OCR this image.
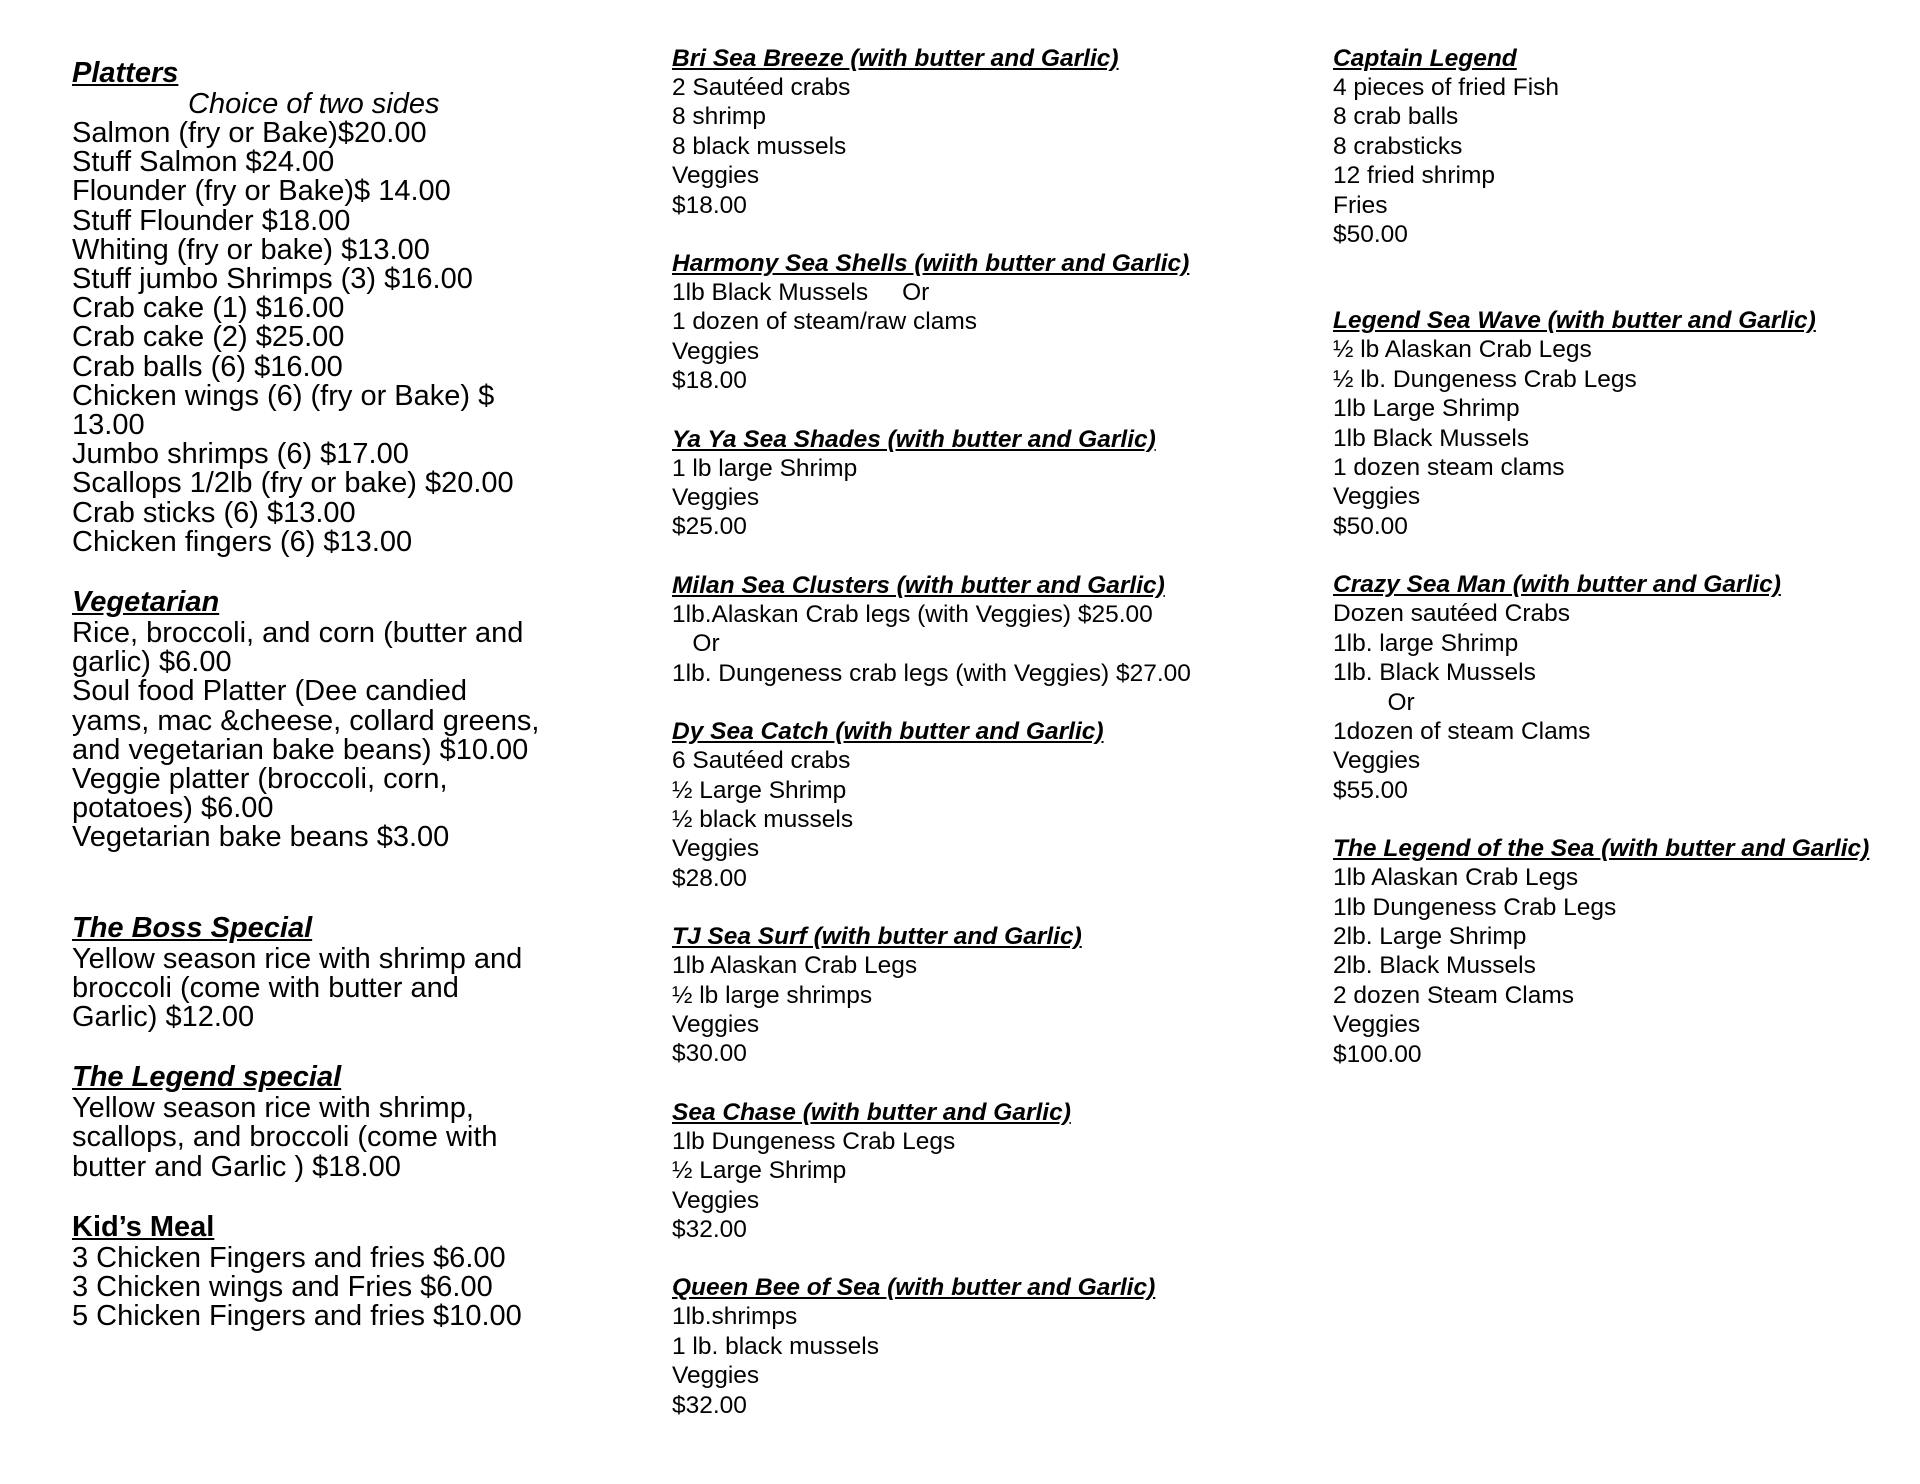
Platters
Choice of two sides
Salmon (fry or Bake)$20.00
Stuff Salmon $24.00
Flounder (fry or Bake)$ 14.00
Stuff Flounder $18.00
Whiting (fry or bake) $13.00
Stuff jumbo Shrimps (3) $16.00
Crab cake (1) $16.00
Crab cake (2) $25.00
Crab balls (6) $16.00
Chicken wings (6) (fry or Bake) $
13.00
Jumbo shrimps (6) $17.00
Scallops 1/2lb (fry or bake) $20.00
Crab sticks (6) $13.00
Chicken fingers (6) $13.00
Vegetarian
Rice, broccoli, and corn (butter and
garlic) $6.00
Soul food Platter (Dee candied
yams, mac &cheese, collard greens,
and vegetarian bake beans) $10.00
Veggie platter (broccoli, corn,
potatoes) $6.00
Vegetarian bake beans $3.00
The Boss Special
Yellow season rice with shrimp and
broccoli (come with butter and
Garlic) $12.00
The Legend special
Yellow season rice with shrimp,
scallops, and broccoli (come with
butter and Garlic ) $18.00
Kid’s Meal
3 Chicken Fingers and fries $6.00
3 Chicken wings and Fries $6.00
5 Chicken Fingers and fries $10.00
Bri Sea Breeze (with butter and Garlic)
2 Sautéed crabs
8 shrimp
8 black mussels
Veggies
$18.00
Harmony Sea Shells (wiith butter and Garlic)
1lb Black Mussels     Or
1 dozen of steam/raw clams
Veggies
$18.00
Ya Ya Sea Shades (with butter and Garlic)
1 lb large Shrimp
Veggies
$25.00
Milan Sea Clusters (with butter and Garlic)
1lb.Alaskan Crab legs (with Veggies) $25.00
Or
1lb. Dungeness crab legs (with Veggies) $27.00
Dy Sea Catch (with butter and Garlic)
6 Sautéed crabs
½ Large Shrimp
½ black mussels
Veggies
$28.00
TJ Sea Surf (with butter and Garlic)
1lb Alaskan Crab Legs
½ lb large shrimps
Veggies
$30.00
Sea Chase (with butter and Garlic)
1lb Dungeness Crab Legs
½ Large Shrimp
Veggies
$32.00
Queen Bee of Sea (with butter and Garlic)
1lb.shrimps
1 lb. black mussels
Veggies
$32.00
Captain Legend
4 pieces of fried Fish
8 crab balls
8 crabsticks
12 fried shrimp
Fries
$50.00
Legend Sea Wave (with butter and Garlic)
½ lb Alaskan Crab Legs
½ lb. Dungeness Crab Legs
1lb Large Shrimp
1lb Black Mussels
1 dozen steam clams
Veggies
$50.00
Crazy Sea Man (with butter and Garlic)
Dozen sautéed Crabs
1lb. large Shrimp
1lb. Black Mussels
Or
1dozen of steam Clams
Veggies
$55.00
The Legend of the Sea (with butter and Garlic)
1lb Alaskan Crab Legs
1lb Dungeness Crab Legs
2lb. Large Shrimp
2lb. Black Mussels
2 dozen Steam Clams
Veggies
$100.00
